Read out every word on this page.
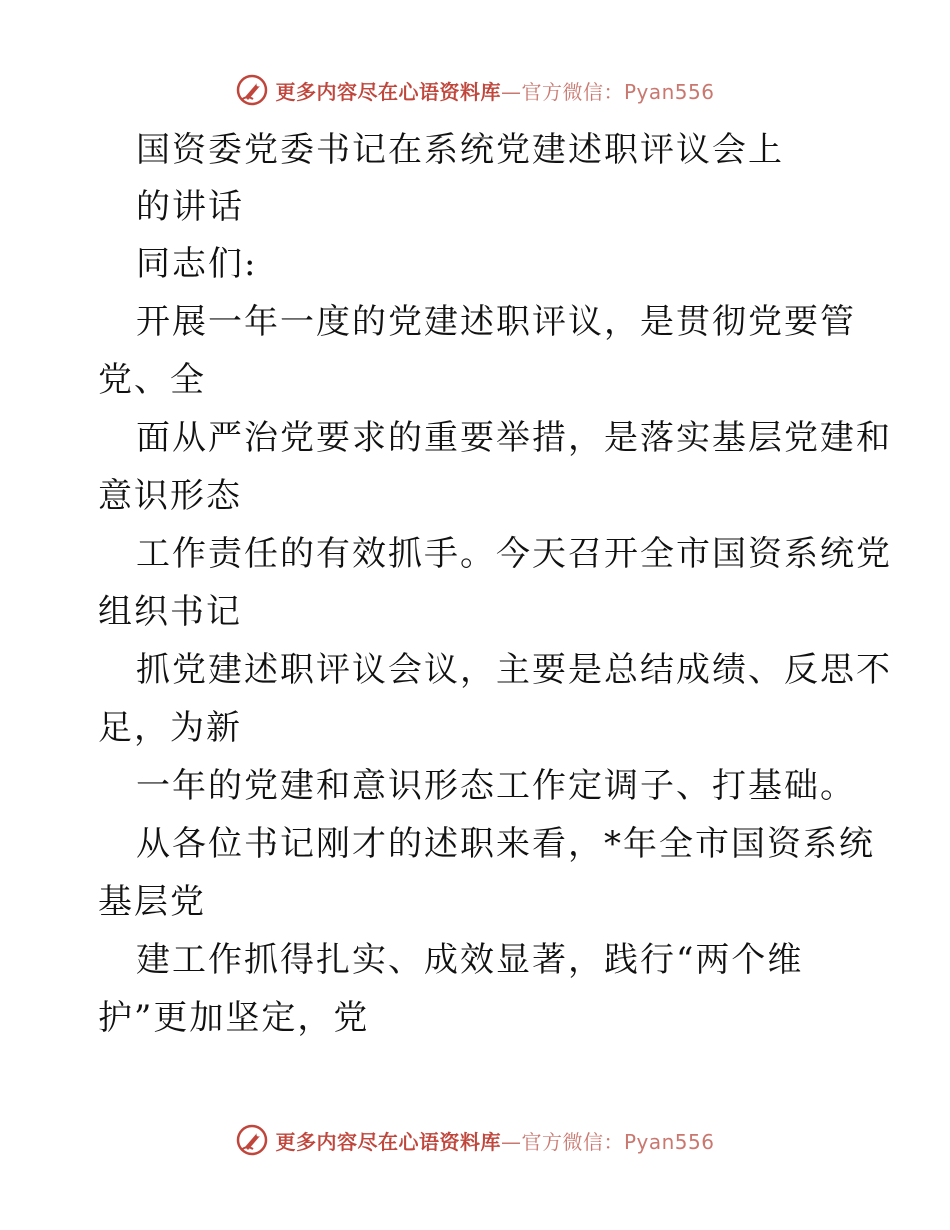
更多内容尽在心语资料库—官方微信：Pyan556
国资委党委书记在系统党建述职评议会上
的讲话
同志们:
开展一年一度的党建述职评议，是贯彻党要管
党、全
面从严治党要求的重要举措，是落实基层党建和
意识形态
工作责任的有效抓手。今天召开全市国资系统党
组织书记
抓党建述职评议会议，主要是总结成绩、反思不
足，为新
一年的党建和意识形态工作定调子、打基础。
从各位书记刚才的述职来看，*年全市国资系统
基层党
建工作抓得扎实、成效显著，践行“两个维
护”更加坚定，党
更多内容尽在心语资料库—官方微信：Pyan556
